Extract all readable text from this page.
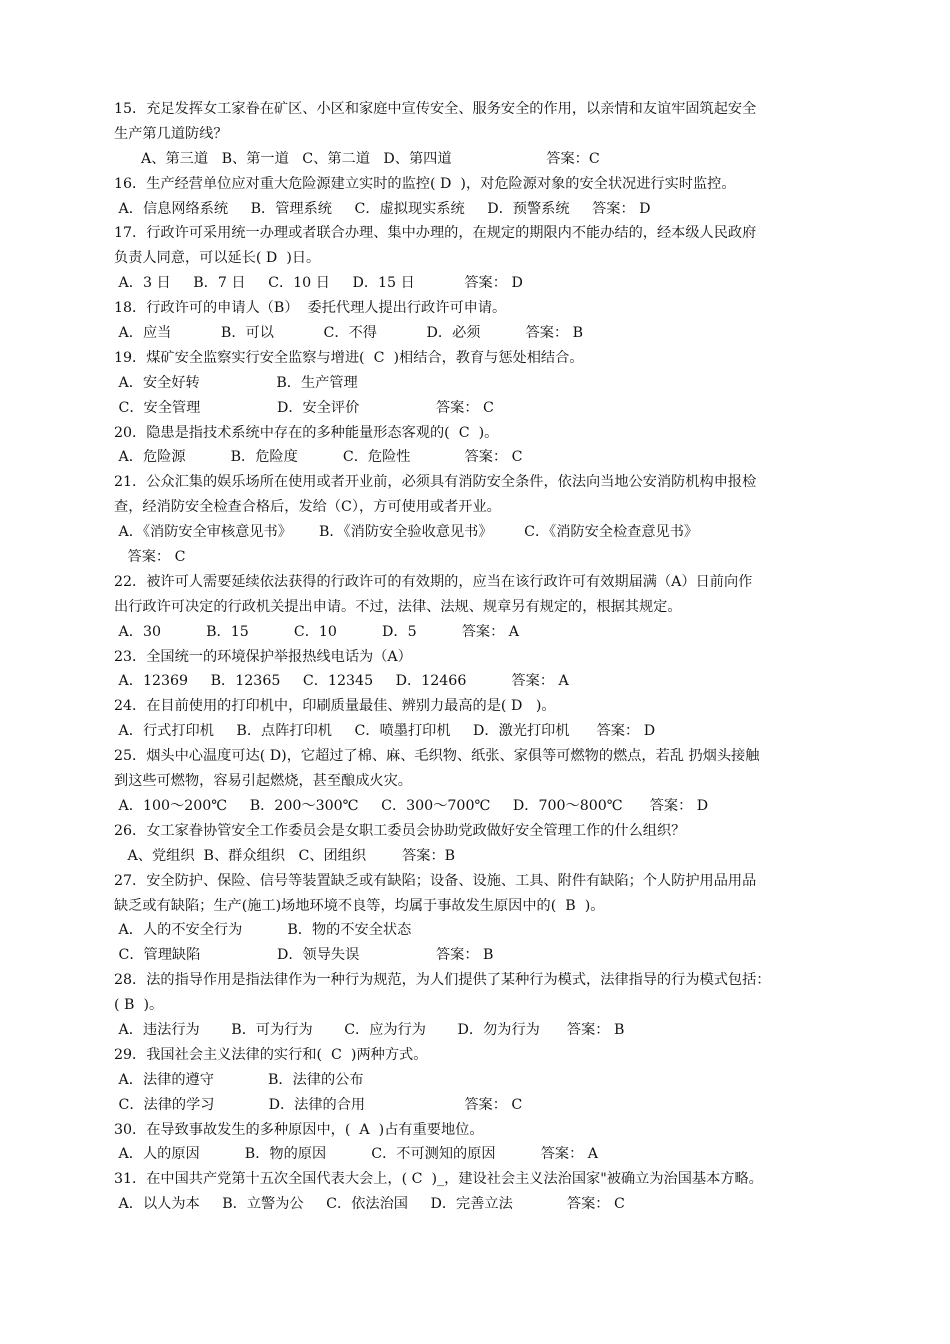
15．充足发挥女工家眷在矿区、小区和家庭中宣传安全、服务安全的作用，以亲情和友谊牢固筑起安全
生产第几道防线？
A、第三道   B、第一道   C、第二道   D、第四道                     答案：C
16．生产经营单位应对重大危险源建立实时的监控( D  )，对危险源对象的安全状况进行实时监控。
A．信息网络系统     B．管理系统     C．虚拟现实系统     D．预警系统     答案： D
17．行政许可采用统一办理或者联合办理、集中办理的，在规定的期限内不能办结的，经本级人民政府
负责人同意，可以延长( D  )日。
A．3 日     B．7 日     C．10 日     D．15 日           答案： D
18．行政许可的申请人（B）  委托代理人提出行政许可申请。
A．应当           B．可以           C．不得           D．必须          答案： B
19．煤矿安全监察实行安全监察与增进(  C  )相结合，教育与惩处相结合。
A．安全好转                 B．生产管理
C．安全管理                 D．安全评价                 答案： C
20．隐患是指技术系统中存在的多种能量形态客观的(  C  )。
A．危险源          B．危险度          C．危险性            答案： C
21．公众汇集的娱乐场所在使用或者开业前，必须具有消防安全条件，依法向当地公安消防机构申报检
查，经消防安全检查合格后，发给（C），方可使用或者开业。
A．《消防安全审核意见书》      B．《消防安全验收意见书》       C．《消防安全检查意见书》
答案： C
22．被许可人需要延续依法获得的行政许可的有效期的，应当在该行政许可有效期届满（A）日前向作
出行政许可决定的行政机关提出申请。不过，法律、法规、规章另有规定的，根据其规定。
A．30          B．15          C．10          D．5          答案： A
23．全国统一的环境保护举报热线电话为（A）
A．12369     B．12365     C．12345     D．12466          答案： A
24．在目前使用的打印机中，印刷质量最佳、辨别力最高的是( D   )。
A．行式打印机     B．点阵打印机     C．喷墨打印机     D．激光打印机      答案： D
25．烟头中心温度可达( D)，它超过了棉、麻、毛织物、纸张、家俱等可燃物的燃点，若乱 扔烟头接触
到这些可燃物，容易引起燃烧，甚至酿成火灾。
A．100～200℃     B．200～300℃     C．300～700℃     D．700～800℃      答案： D
26．女工家眷协管安全工作委员会是女职工委员会协助党政做好安全管理工作的什么组织？
A、党组织  B、群众组织   C、团组织        答案：B
27．安全防护、保险、信号等装置缺乏或有缺陷；设备、设施、工具、附件有缺陷；个人防护用品用品
缺乏或有缺陷；生产(施工)场地环境不良等，均属于事故发生原因中的(  B  )。
A．人的不安全行为          B．物的不安全状态
C．管理缺陷                 D．领导失误                 答案： B
28．法的指导作用是指法律作为一种行为规范，为人们提供了某种行为模式，法律指导的行为模式包括：
( B  )。
A．违法行为       B．可为行为       C．应为行为       D．勿为行为      答案： B
29．我国社会主义法律的实行和(  C  )两种方式。
A．法律的遵守            B．法律的公布
C．法律的学习            D．法律的合用                      答案： C
30．在导致事故发生的多种原因中，(  A  )占有重要地位。
A．人的原因          B．物的原因          C．不可测知的原因          答案： A
31．在中国共产党第十五次全国代表大会上，( C  )_，建设社会主义法治国家"被确立为治国基本方略。
A．以人为本     B．立警为公     C．依法治国     D．完善立法            答案： C
